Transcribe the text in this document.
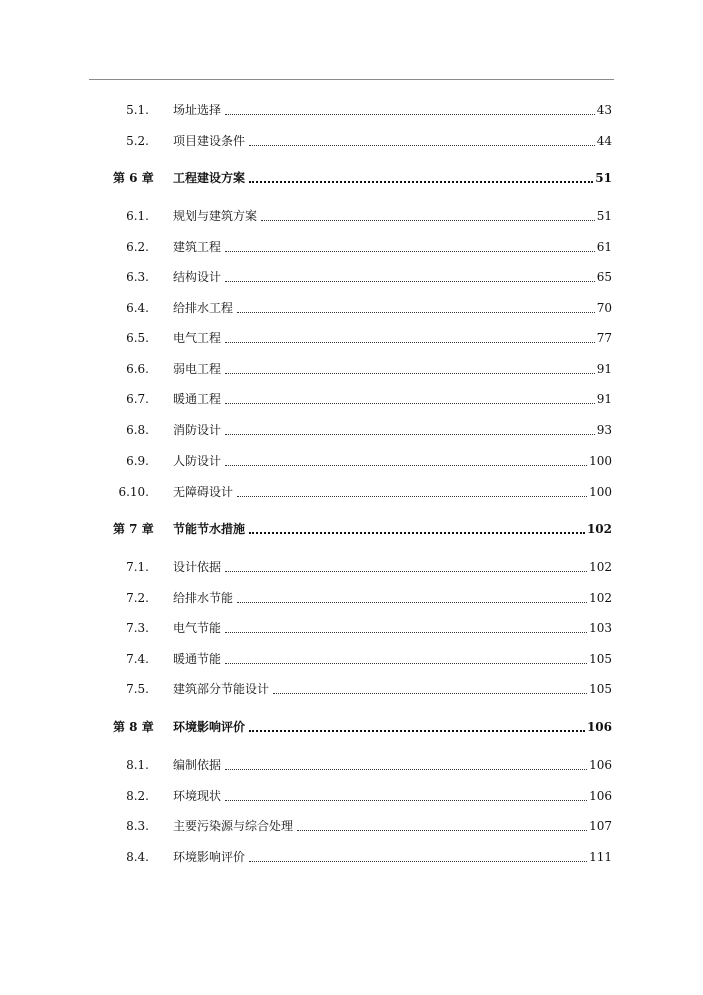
5.1. 场址选择	43
5.2. 项目建设条件	44
第 6 章 工程建设方案	51
6.1. 规划与建筑方案	51
6.2. 建筑工程	61
6.3. 结构设计	65
6.4. 给排水工程	70
6.5. 电气工程	77
6.6. 弱电工程	91
6.7. 暖通工程	91
6.8. 消防设计	93
6.9. 人防设计	100
6.10. 无障碍设计	100
第 7 章 节能节水措施	102
7.1. 设计依据	102
7.2. 给排水节能	102
7.3. 电气节能	103
7.4. 暖通节能	105
7.5. 建筑部分节能设计	105
第 8 章 环境影响评价	106
8.1. 编制依据	106
8.2. 环境现状	106
8.3. 主要污染源与综合处理	107
8.4. 环境影响评价	111
